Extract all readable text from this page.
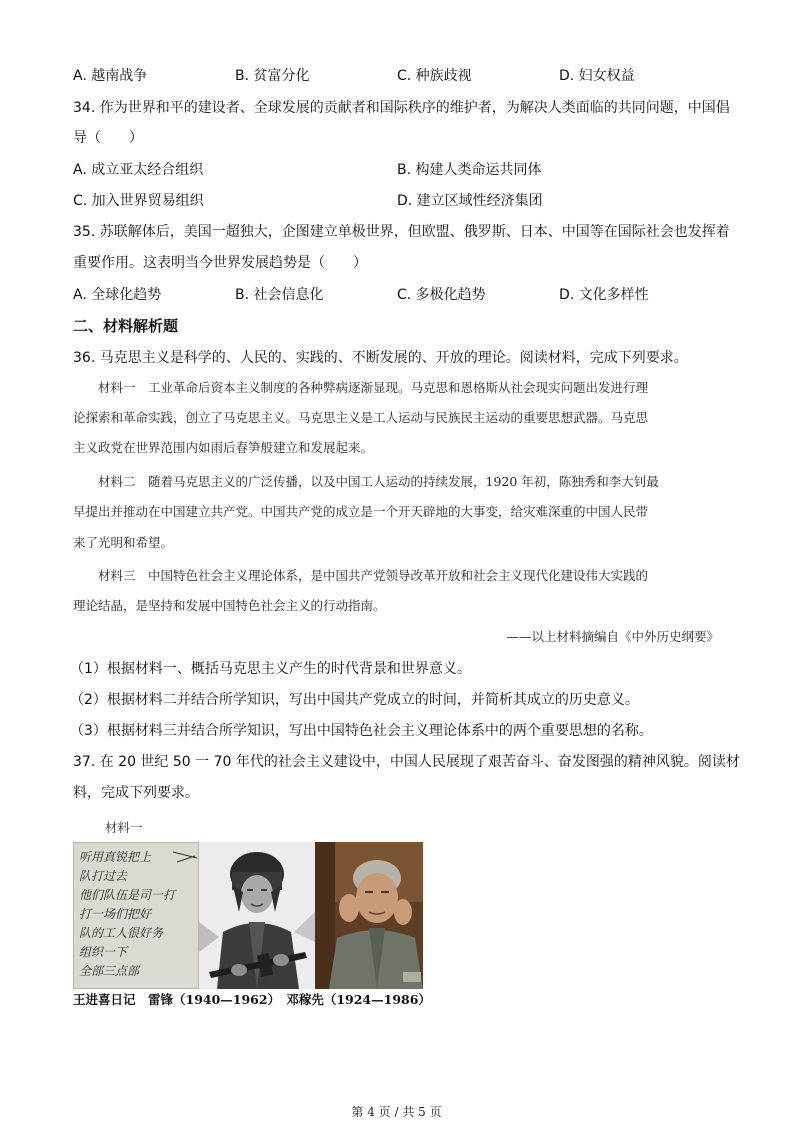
A. 越南战争	B. 贫富分化	C. 种族歧视	D. 妇女权益
34. 作为世界和平的建设者、全球发展的贡献者和国际秩序的维护者，为解决人类面临的共同问题，中国倡
导（　　）
A. 成立亚太经合组织	B. 构建人类命运共同体
C. 加入世界贸易组织	D. 建立区域性经济集团
35. 苏联解体后，美国一超独大，企图建立单极世界，但欧盟、俄罗斯、日本、中国等在国际社会也发挥着
重要作用。这表明当今世界发展趋势是（　　）
A. 全球化趋势	B. 社会信息化	C. 多极化趋势	D. 文化多样性
二、材料解析题
36. 马克思主义是科学的、人民的、实践的、不断发展的、开放的理论。阅读材料，完成下列要求。
　　材料一　工业革命后资本主义制度的各种弊病逐渐显现。马克思和恩格斯从社会现实问题出发进行理
论探索和革命实践，创立了马克思主义。马克思主义是工人运动与民族民主运动的重要思想武器。马克思
主义政党在世界范围内如雨后春笋般建立和发展起来。
　　材料二　随着马克思主义的广泛传播，以及中国工人运动的持续发展，1920 年初，陈独秀和李大钊最
早提出并推动在中国建立共产党。中国共产党的成立是一个开天辟地的大事变，给灾难深重的中国人民带
来了光明和希望。
　　材料三　中国特色社会主义理论体系，是中国共产党领导改革开放和社会主义现代化建设伟大实践的
理论结晶，是坚持和发展中国特色社会主义的行动指南。
——以上材料摘编自《中外历史纲要》
（1）根据材料一、概括马克思主义产生的时代背景和世界意义。
（2）根据材料二并结合所学知识，写出中国共产党成立的时间，并简析其成立的历史意义。
（3）根据材料三并结合所学知识，写出中国特色社会主义理论体系中的两个重要思想的名称。
37. 在 20 世纪 50 一 70 年代的社会主义建设中，中国人民展现了艰苦奋斗、奋发图强的精神风貌。阅读材
料，完成下列要求。
材料一
听用真锐把上
队打过去
他们队伍是司一打
打一场们把好
队的工人很好务
组织一下
全部三点部
王进喜日记　雷锋（1940—1962）　邓稼先（1924—1986）
第 4 页 / 共 5 页
